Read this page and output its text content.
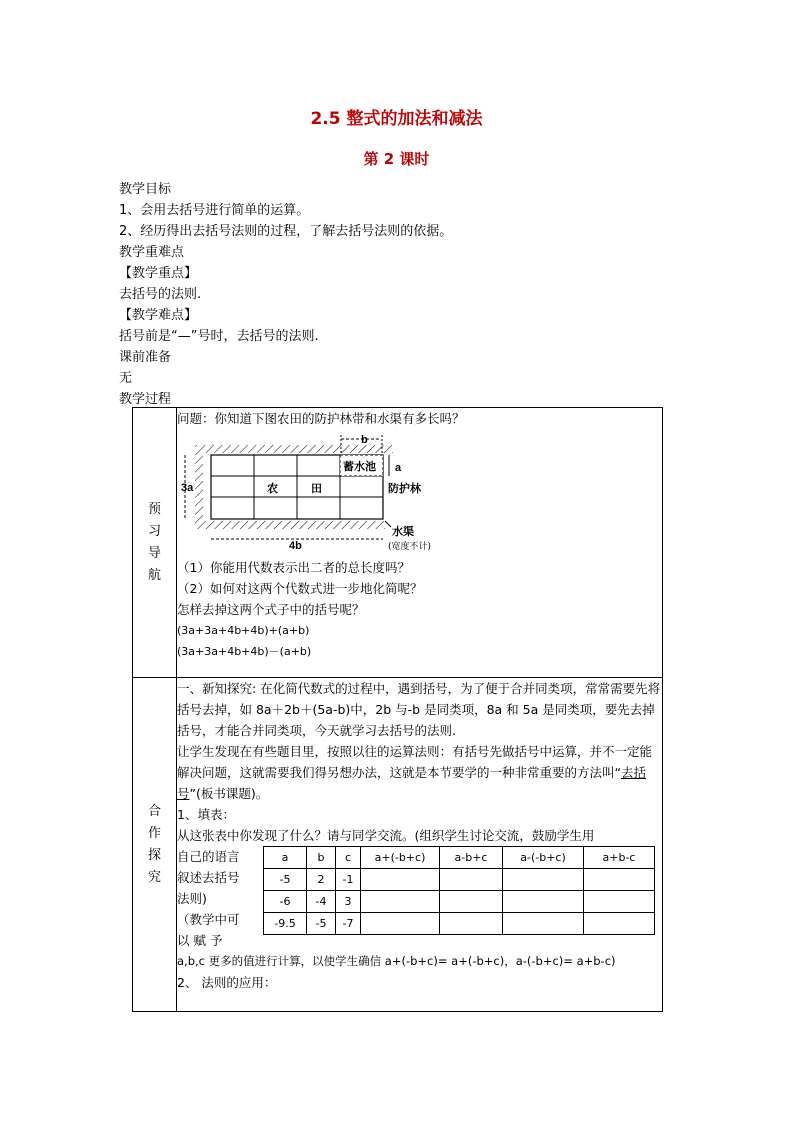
2.5 整式的加法和减法
第 2 课时
教学目标
1、会用去括号进行简单的运算。
2、经历得出去括号法则的过程，了解去括号法则的依据。
教学重难点
【教学重点】
去括号的法则.
【教学难点】
括号前是“—”号时，去括号的法则.
课前准备
无
教学过程
预
习
导
航

问题：你知道下图农田的防护林带和水渠有多长吗？

b
a
3a
4b
蓄水池
农	田	防护林
水渠
(宽度不计)

（1）你能用代数表示出二者的总长度吗？

（2）如何对这两个代数式进一步地化简呢？

怎样去掉这两个式子中的括号呢？

(3a+3a+4b+4b)+(a+b)

(3a+3a+4b+4b)－(a+b)

合
作
探
究

一、新知探究: 在化简代数式的过程中，遇到括号，为了便于合并同类项，常常需要先将括号去掉，如 8a＋2b＋(5a-b)中，2b 与-b 是同类项，8a 和 5a 是同类项，要先去掉括号，才能合并同类项，今天就学习去括号的法则.

让学生发现在有些题目里，按照以往的运算法则：有括号先做括号中运算，并不一定能解决问题，这就需要我们得另想办法，这就是本节要学的一种非常重要的方法叫“去括号”(板书课题)。

1、填表：

从这张表中你发现了什么？请与同学交流。(组织学生讨论交流，鼓励学生用

自己的语言

叙述去括号

法则)

（教学中可

以 赋 予

a	b	c	a+(-b+c)	a-b+c	a-(-b+c)	a+b-c
-5	2	-1				
-6	-4	3				
-9.5	-5	-7				

a,b,c 更多的值进行计算，以使学生确信 a+(-b+c)= a+(-b+c)，a-(-b+c)= a+b-c)

2、 法则的应用：
